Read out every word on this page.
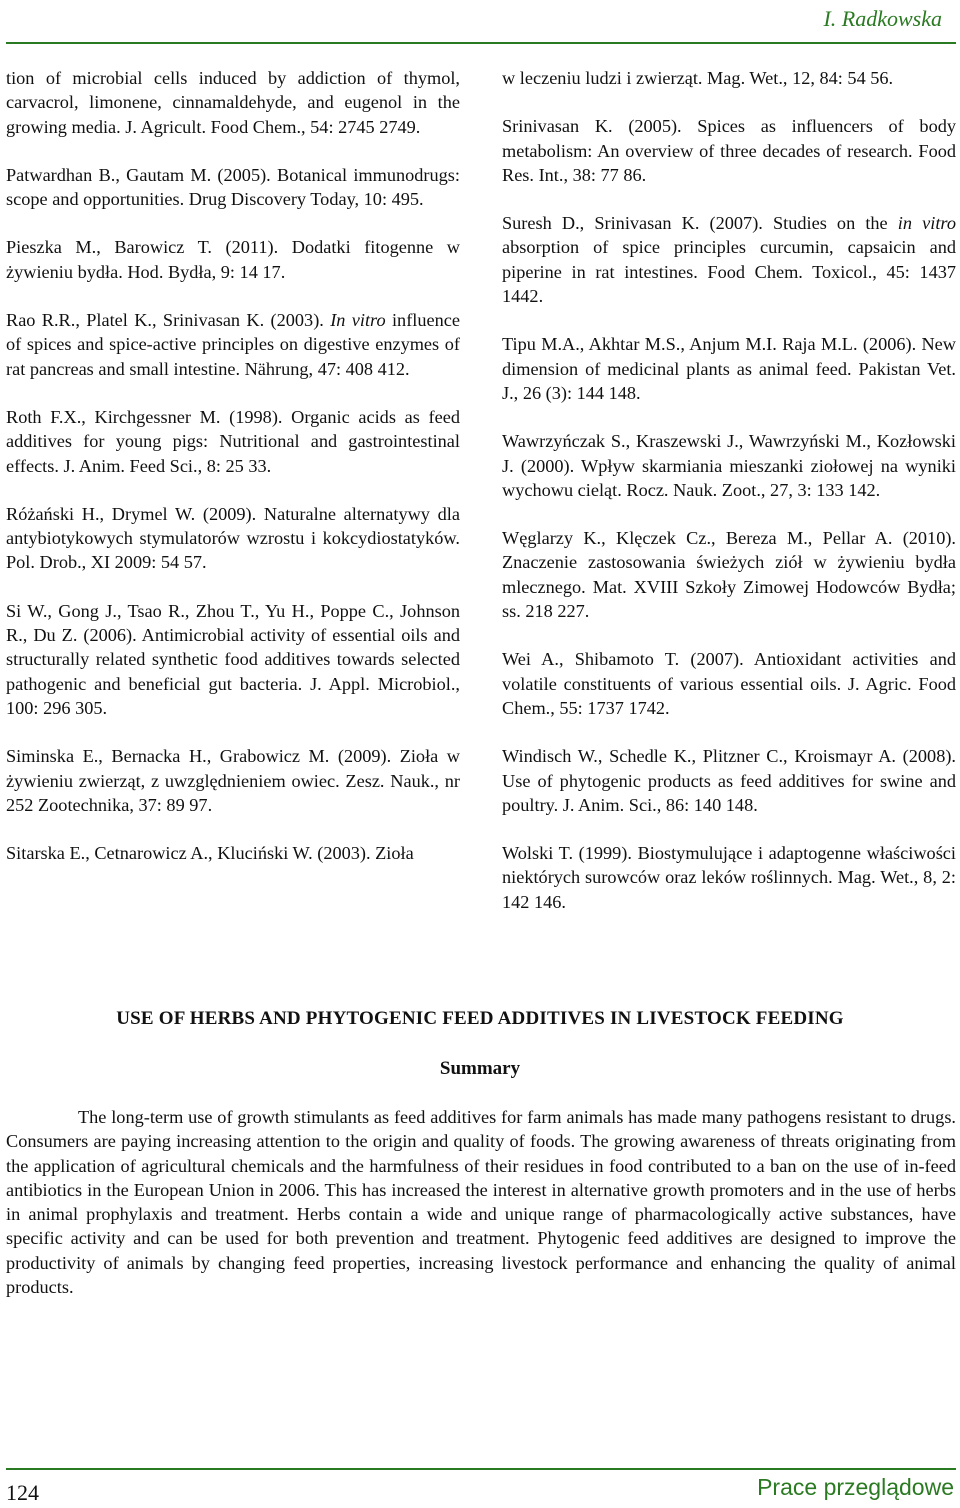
I. Radkowska

tion of microbial cells induced by addiction of thymol, carvacrol, limonene, cinnamaldehyde, and eugenol in the growing media. J. Agricult. Food Chem., 54: 2745 2749.

Patwardhan B., Gautam M. (2005). Botanical immunodrugs: scope and opportunities. Drug Discovery Today, 10: 495.

Pieszka M., Barowicz T. (2011). Dodatki fitogenne w żywieniu bydła. Hod. Bydła, 9: 14 17.

Rao R.R., Platel K., Srinivasan K. (2003). In vitro influence of spices and spice-active principles on digestive enzymes of rat pancreas and small intestine. Nährung, 47: 408 412.

Roth F.X., Kirchgessner M. (1998). Organic acids as feed additives for young pigs: Nutritional and gastrointestinal effects. J. Anim. Feed Sci., 8: 25 33.

Różański H., Drymel W. (2009). Naturalne alternatywy dla antybiotykowych stymulatorów wzrostu i kokcydiostatyków. Pol. Drob., XI 2009: 54 57.

Si W., Gong J., Tsao R., Zhou T., Yu H., Poppe C., Johnson R., Du Z. (2006). Antimicrobial activity of essential oils and structurally related synthetic food additives towards selected pathogenic and beneficial gut bacteria. J. Appl. Microbiol., 100: 296 305.

Siminska E., Bernacka H., Grabowicz M. (2009). Zioła w żywieniu zwierząt, z uwzględnieniem owiec. Zesz. Nauk., nr 252 Zootechnika, 37: 89 97.

Sitarska E., Cetnarowicz A., Kluciński W. (2003). Zioła

w leczeniu ludzi i zwierząt. Mag. Wet., 12, 84: 54 56.

Srinivasan K. (2005). Spices as influencers of body metabolism: An overview of three decades of research. Food Res. Int., 38: 77 86.

Suresh D., Srinivasan K. (2007). Studies on the in vitro absorption of spice principles curcumin, capsaicin and piperine in rat intestines. Food Chem. Toxicol., 45: 1437 1442.

Tipu M.A., Akhtar M.S., Anjum M.I. Raja M.L. (2006). New dimension of medicinal plants as animal feed. Pakistan Vet. J., 26 (3): 144 148.

Wawrzyńczak S., Kraszewski J., Wawrzyński M., Kozłowski J. (2000). Wpływ skarmiania mieszanki ziołowej na wyniki wychowu cieląt. Rocz. Nauk. Zoot., 27, 3: 133 142.

Węglarzy K., Klęczek Cz., Bereza M., Pellar A. (2010). Znaczenie zastosowania świeżych ziół w żywieniu bydła mlecznego. Mat. XVIII Szkoły Zimowej Hodowców Bydła; ss. 218 227.

Wei A., Shibamoto T. (2007). Antioxidant activities and volatile constituents of various essential oils. J. Agric. Food Chem., 55: 1737 1742.

Windisch W., Schedle K., Plitzner C., Kroismayr A. (2008). Use of phytogenic products as feed additives for swine and poultry. J. Anim. Sci., 86: 140 148.

Wolski T. (1999). Biostymulujące i adaptogenne właściwości niektórych surowców oraz leków roślinnych. Mag. Wet., 8, 2: 142 146.

USE OF HERBS AND PHYTOGENIC FEED ADDITIVES IN LIVESTOCK FEEDING
Summary

The long-term use of growth stimulants as feed additives for farm animals has made many pathogens resistant to drugs. Consumers are paying increasing attention to the origin and quality of foods. The growing awareness of threats originating from the application of agricultural chemicals and the harmfulness of their residues in food contributed to a ban on the use of in-feed antibiotics in the European Union in 2006. This has increased the interest in alternative growth promoters and in the use of herbs in animal prophylaxis and treatment. Herbs contain a wide and unique range of pharmacologically active substances, have specific activity and can be used for both prevention and treatment. Phytogenic feed additives are designed to improve the productivity of animals by changing feed properties, increasing livestock performance and enhancing the quality of animal products.

124	Prace przeglądowe
